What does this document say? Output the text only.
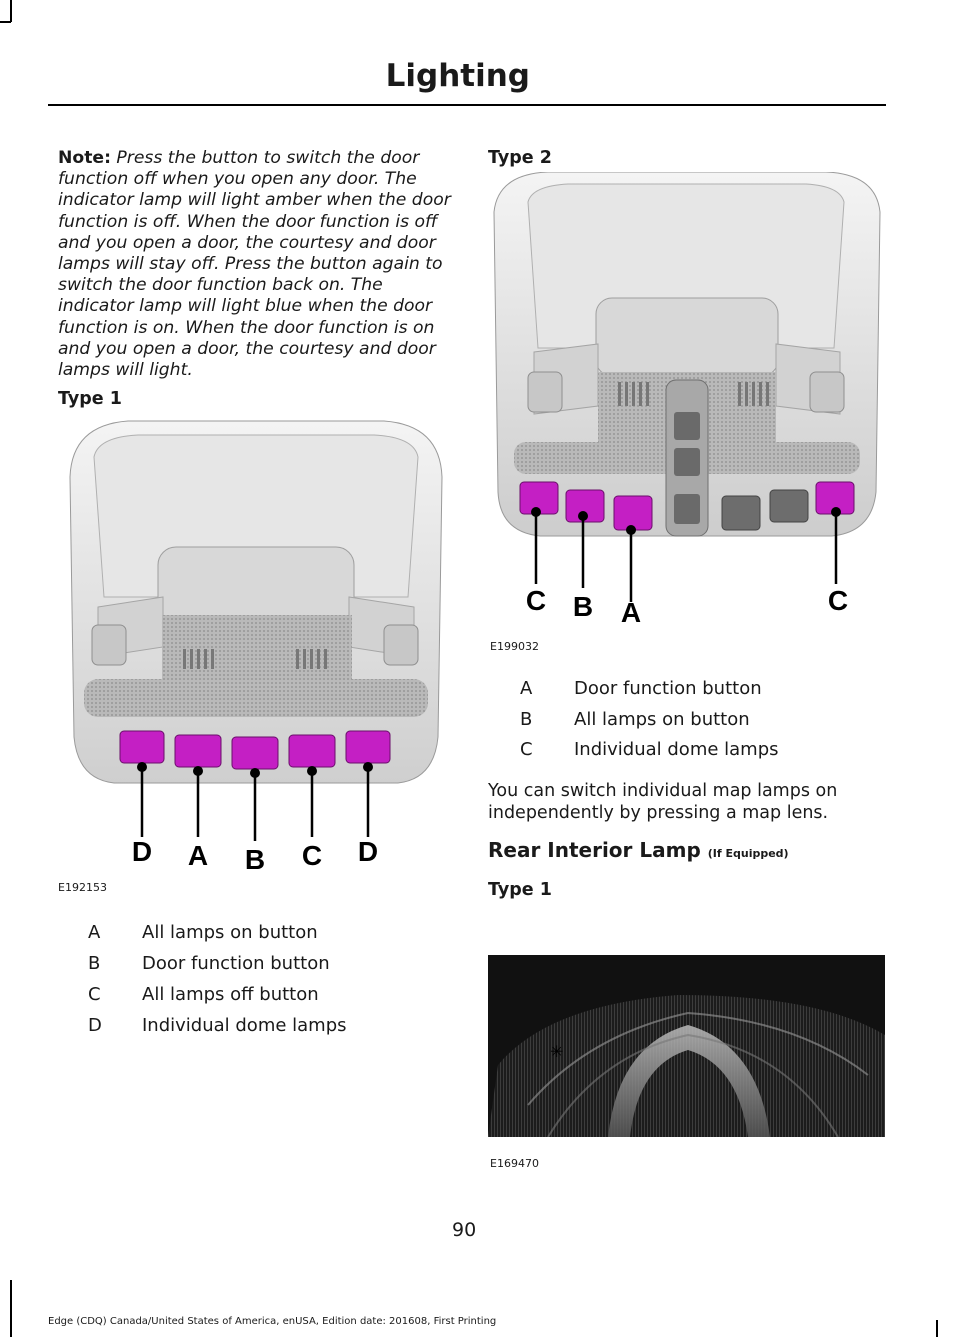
Lighting
Note: Press the button to switch the door function off when you open any door. The indicator lamp will light amber when the door function is off. When the door function is off and you open a door, the courtesy and door lamps will stay off. Press the button again to switch the door function back on. The indicator lamp will light blue when the door function is on. When the door function is on and you open a door, the courtesy and door lamps will light.
Type 1
D A B C D
E192153
A All lamps on button
B Door function button
C All lamps off button
D Individual dome lamps
Type 2
C B A	C
E199032
A Door function button
B All lamps on button
C Individual dome lamps
You can switch individual map lamps on independently by pressing a map lens.
Rear Interior Lamp (If Equipped)
Type 1
✳
E169470
90
Edge (CDQ) Canada/United States of America, enUSA, Edition date: 201608, First Printing
